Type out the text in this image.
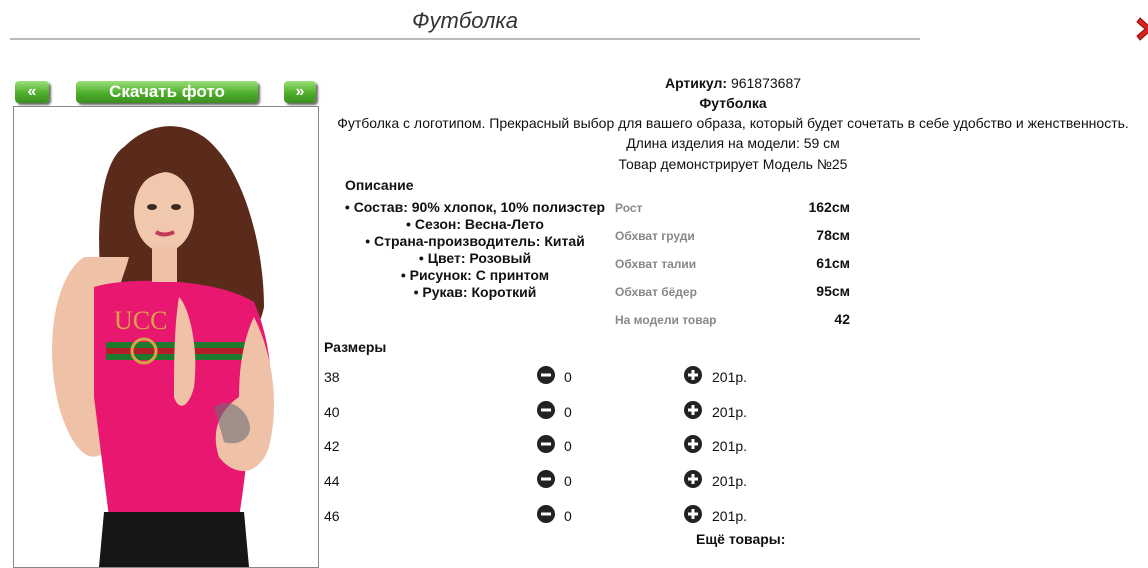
Футболка
«	Скачать фото	»
UCC
Артикул: 961873687
Футболка
Футболка с логотипом. Прекрасный выбор для вашего образа, который будет сочетать в себе удобство и женственность.
Длина изделия на модели: 59 см
Товар демонстрирует Модель №25
Описание
• Состав: 90% хлопок, 10% полиэстер
• Сезон: Весна-Лето
• Страна-производитель: Китай
• Цвет: Розовый
• Рисунок: С принтом
• Рукав: Короткий
Рост	162см
Обхват груди	78см
Обхват талии	61см
Обхват бёдер	95см
На модели товар	42
Размеры
38	0	201р.
40	0	201р.
42	0	201р.
44	0	201р.
46	0	201р.
Ещё товары:
